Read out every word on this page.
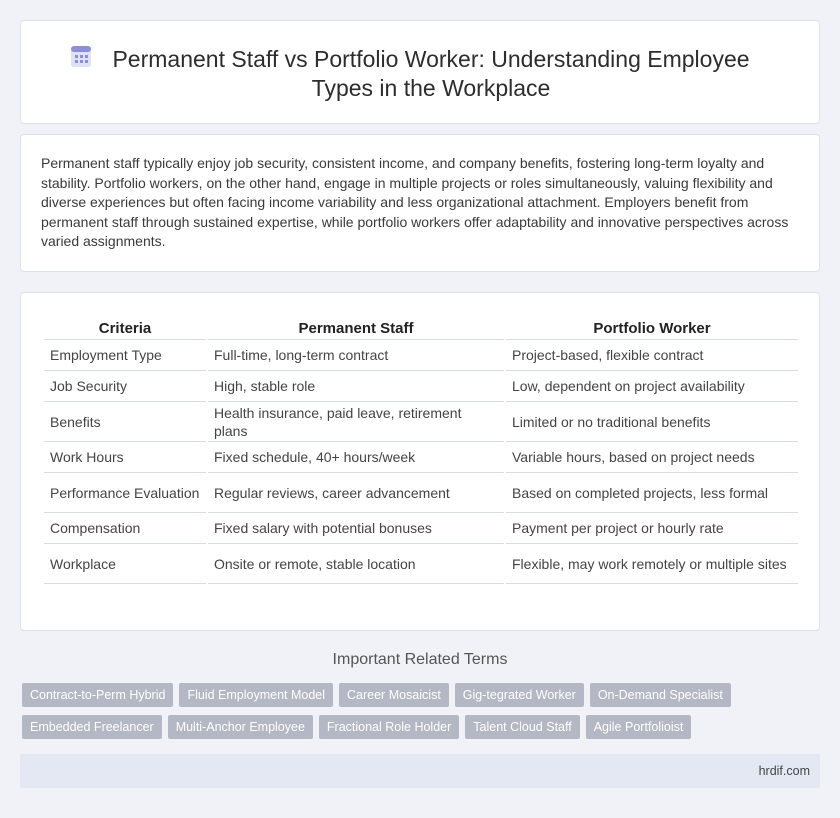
Permanent Staff vs Portfolio Worker: Understanding Employee Types in the Workplace

Permanent staff typically enjoy job security, consistent income, and company benefits, fostering long-term loyalty and stability. Portfolio workers, on the other hand, engage in multiple projects or roles simultaneously, valuing flexibility and diverse experiences but often facing income variability and less organizational attachment. Employers benefit from permanent staff through sustained expertise, while portfolio workers offer adaptability and innovative perspectives across varied assignments.

Criteria	Permanent Staff	Portfolio Worker
Employment Type	Full-time, long-term contract	Project-based, flexible contract
Job Security	High, stable role	Low, dependent on project availability
Benefits	Health insurance, paid leave, retirement plans	Limited or no traditional benefits
Work Hours	Fixed schedule, 40+ hours/week	Variable hours, based on project needs
Performance Evaluation	Regular reviews, career advancement	Based on completed projects, less formal
Compensation	Fixed salary with potential bonuses	Payment per project or hourly rate
Workplace	Onsite or remote, stable location	Flexible, may work remotely or multiple sites
Important Related Terms
Contract-to-Perm Hybrid	Fluid Employment Model	Career Mosaicist	Gig-tegrated Worker	On-Demand Specialist
Embedded Freelancer	Multi-Anchor Employee	Fractional Role Holder	Talent Cloud Staff	Agile Portfolioist
hrdif.com
